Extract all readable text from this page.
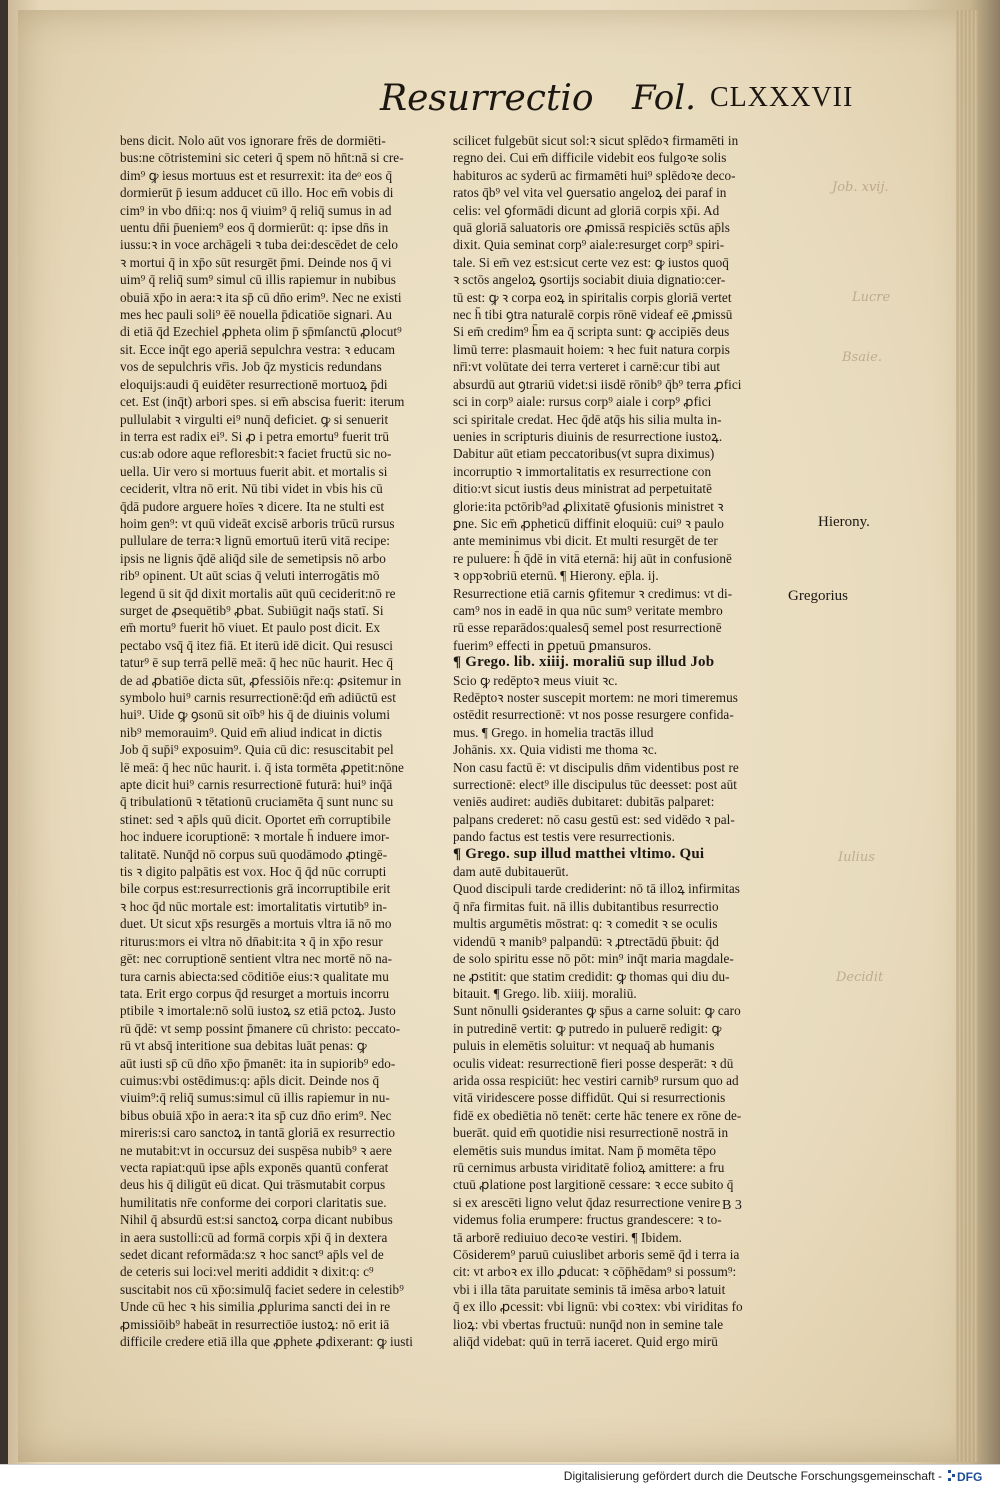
Job. xvij.
Lucre
Bsaie.
Iulius
Decidit
Resurrectio Fol. CLXXXVII

bens dicit. Nolo aūt vos ignorare frēs de dormiēti-

bus:ne cōtristemini sic ceteri q̄ spem nō hn̄t:nā si cre-

dim⁹ ꝙ iesus mortuus est et resurrexit: ita deᵒ eos q̄

dormierūt p̄ iesum adducet cū illo. Hoc em̄ vobis di

cim⁹ in vbo dn̄i:q: nos q̄ viuim⁹ q̄ reliq̄ sumus in ad

uentu dn̄i p̄ueniem⁹ eos q̄ dormierūt: q: ipse dn̄s in

iussu:ꝛ in voce archāgeli ꝛ tuba dei:descēdet de celo

ꝛ mortui q̄ in xp̄o sūt resurgēt p̄mi. Deinde nos q̄ vi

uim⁹ q̄ reliq̄ sum⁹ simul cū illis rapiemur in nubibus

obuiā xp̄o in aera:ꝛ ita sp̄ cū dn̄o erim⁹. Nec ne existi

mes hec pauli soli⁹ ēē nouella p̄dicatiōe signari. Au

di etiā q̄d Ezechiel ꝓpheta olim p̄ sp̄mſanctū ꝓlocut⁹

sit. Ecce inq̄t ego aperiā sepulchra vestra: ꝛ educam

vos de sepulchris vr̄is. Job q̄z mysticis redundans

eloquijs:audi q̄ euidēter resurrectionē mortuoꝝ p̄di

cet. Est (inq̄t) arbori spes. si em̄ abscisa fuerit: iterum

pullulabit ꝛ virgulti ei⁹ nunq̄ deficiet. ꝙ si senuerit

in terra est radix ei⁹. Si ꝓ i petra emortu⁹ fuerit trū

cus:ab odore aque refloresbit:ꝛ faciet fructū sic no-

uella. Uir vero si mortuus fuerit abit. et mortalis si

ceciderit, vltra nō erit. Nū tibi videt in vbis his cū

q̄dā pudore arguere hoīes ꝛ dicere. Ita ne stulti est

hoim gen⁹: vt quū videāt excisē arboris trūcū rursus

pullulare de terra:ꝛ lignū emortuū iterū vitā recipe:

ipsis ne lignis q̄dē aliq̄d sile de semetipsis nō arbo

rib⁹ opinent. Ut aūt scias q̄ veluti interrogātis mō

legend ū sit q̄d dixit mortalis aūt quū ceciderit:nō re

surget de ꝓsequētib⁹ ꝓbat. Subiūgit naq̄s statī. Si

em̄ mortu⁹ fuerit hō viuet. Et paulo post dicit. Ex

pectabo vsq̄ q̄ itez fiā. Et iterū idē dicit. Qui resusci

tatur⁹ ē sup terrā pellē meā: q̄ hec nūc haurit. Hec q̄

de ad ꝓbatiōe dicta sūt, ꝓfessiōis nr̄e:q: ꝓsitemur in

symbolo hui⁹ carnis resurrectionē:q̄d em̄ adiūctū est

hui⁹. Uide ꝙ ꝯsonū sit oīb⁹ his q̄ de diuinis volumi

nib⁹ memorauim⁹. Quid em̄ aliud indicat in dictis

Job q̄ sup̄i⁹ exposuim⁹. Quia cū dic: resuscitabit pel

lē meā: q̄ hec nūc haurit. i. q̄ ista tormēta ꝓpetit:nōne

apte dicit hui⁹ carnis resurrectionē futurā: hui⁹ inq̄ā

q̄ tribulationū ꝛ tētationū cruciamēta q̄ sunt nunc su

stinet: sed ꝛ ap̄ls quū dicit. Oportet em̄ corruptibile

hoc induere icoruptionē: ꝛ mortale h̄ induere imor-

talitatē. Nunq̄d nō corpus suū quodāmodo ꝓtingē-

tis ꝛ digito palpātis est vox. Hoc q̄ q̄d nūc corrupti

bile corpus est:resurrectionis grā incorruptibile erit

ꝛ hoc q̄d nūc mortale est: imortalitatis virtutib⁹ in-

duet. Ut sicut xp̄s resurgēs a mortuis vltra iā nō mo

riturus:mors ei vltra nō dn̄abit:ita ꝛ q̄ in xp̄o resur

gēt: nec corruptionē sentient vltra nec mortē nō na-

tura carnis abiecta:sed cōditiōe eius:ꝛ qualitate mu

tata. Erit ergo corpus q̄d resurget a mortuis incorru

ptibile ꝛ imortale:nō solū iustoꝝ sz etiā pctoꝝ. Justo

rū q̄dē: vt semp possint p̄manere cū christo: peccato-

rū vt absq̄ interitione sua debitas luāt penas: ꝙ

aūt iusti sp̄ cū dn̄o xp̄o p̄manēt: ita in supiorib⁹ edo-

cuimus:vbi ostēdimus:q: ap̄ls dicit. Deinde nos q̄

viuim⁹:q̄ reliq̄ sumus:simul cū illis rapiemur in nu-

bibus obuiā xp̄o in aera:ꝛ ita sp̄ cuz dn̄o erim⁹. Nec

mireris:si caro sanctoꝝ in tantā gloriā ex resurrectio

ne mutabit:vt in occursuz dei suspēsa nubib⁹ ꝛ aere

vecta rapiat:quū ipse ap̄ls exponēs quantū conferat

deus his q̄ diligūt eū dicat. Qui trāsmutabit corpus

humilitatis nr̄e conforme dei corpori claritatis sue.

Nihil q̄ absurdū est:si sanctoꝝ corpa dicant nubibus

in aera sustolli:cū ad formā corpis xp̄i q̄ in dextera

sedet dicant reformāda:sz ꝛ hoc sanct⁹ ap̄ls vel de

de ceteris sui loci:vel meriti addidit ꝛ dixit:q: c⁹

suscitabit nos cū xp̄o:simulq̄ faciet sedere in celestib⁹

Unde cū hec ꝛ his similia ꝓplurima sancti dei in re

ꝓmissiōib⁹ habeāt in resurrectiōe iustoꝝ: nō erit iā

difficile credere etiā illa que ꝓphete ꝓdixerant: ꝙ iusti

scilicet fulgebūt sicut sol:ꝛ sicut splēdoꝛ firmamēti in

regno dei. Cui em̄ difficile videbit eos fulgoꝛe solis

habituros ac syderū ac firmamēti hui⁹ splēdoꝛe deco-

ratos q̄b⁹ vel vita vel ꝯuersatio angeloꝝ dei paraf in

celis: vel ꝯformādi dicunt ad gloriā corpis xp̄i. Ad

quā gloriā saluatoris ore ꝓmissā respiciēs sctūs ap̄ls

dixit. Quia seminat corp⁹ aiale:resurget corp⁹ spiri-

tale. Si em̄ vez est:sicut certe vez est: ꝙ iustos quoq̄

ꝛ sctōs angeloꝝ ꝯsortijs sociabit diuia dignatio:cer-

tū est: ꝙ ꝛ corpa eoꝝ in spiritalis corpis gloriā vertet

nec h̄ tibi ꝯtra naturalē corpis rōnē videaf eē ꝓmissū

Si em̄ credim⁹ h̄m ea q̄ scripta sunt: ꝙ accipiēs deus

limū terre: plasmauit hoiem: ꝛ hec fuit natura corpis

nr̄i:vt volūtate dei terra verteret i carnē:cur tibi aut

absurdū aut ꝯtrariū videt:si iisdē rōnib⁹ q̄b⁹ terra ꝓfici

sci in corp⁹ aiale: rursus corp⁹ aiale i corp⁹ ꝓfici

sci spiritale credat. Hec q̄dē atq̄s his silia multa in-

uenies in scripturis diuinis de resurrectione iustoꝝ.

Dabitur aūt etiam peccatoribus(vt supra diximus)

incorruptio ꝛ immortalitatis ex resurrectione con

ditio:vt sicut iustis deus ministrat ad perpetuitatē

glorie:ita pctōrib⁹ad ꝓlixitatē ꝯfusionis ministret ꝛ

ꝑne. Sic em̄ ꝓpheticū diffinit eloquiū: cui⁹ ꝛ paulo

ante meminimus vbi dicit. Et multi resurgēt de ter

re puluere: h̄ q̄dē in vitā eternā: hij aūt in confusionē

ꝛ oppꝛobriū eternū. ¶ Hierony. ep̄la. ij.

Resurrectione etiā carnis ꝯfitemur ꝛ credimus: vt di-

cam⁹ nos in eadē in qua nūc sum⁹ veritate membro

rū esse reparādos:qualesq̄ semel post resurrectionē

fuerim⁹ effecti in ꝑpetuū ꝑmansuros.

¶ Grego. lib. xiiij. moraliū sup illud Job

Scio ꝙ redēptoꝛ meus viuit ꝛc.

Redēptoꝛ noster suscepit mortem: ne mori timeremus

ostēdit resurrectionē: vt nos posse resurgere confida-

mus. ¶ Grego. in homelia tractās illud

Johānis. xx. Quia vidisti me thoma ꝛc.

Non casu factū ē: vt discipulis dn̄m videntibus post re

surrectionē: elect⁹ ille discipulus tūc deesset: post aūt

veniēs audiret: audiēs dubitaret: dubitās palparet:

palpans crederet: nō casu gestū est: sed vidēdo ꝛ pal-

pando factus est testis vere resurrectionis.

¶ Grego. sup illud matthei vltimo. Qui

dam autē dubitauerūt.

Quod discipuli tarde crediderint: nō tā illoꝝ infirmitas

q̄ nr̄a firmitas fuit. nā illis dubitantibus resurrectio

multis argumētis mōstrat: q: ꝛ comedit ꝛ se oculis

videndū ꝛ manib⁹ palpandū: ꝛ ꝓtrectādū p̄buit: q̄d

de solo spiritu esse nō pōt: min⁹ inq̄t maria magdale-

ne ꝓstitit: que statim credidit: ꝙ thomas qui diu du-

bitauit. ¶ Grego. lib. xiiij. moraliū.

Sunt nōnulli ꝯsiderantes ꝙ sp̄us a carne soluit: ꝙ caro

in putredinē vertit: ꝙ putredo in puluerē redigit: ꝙ

puluis in elemētis soluitur: vt nequaq̄ ab humanis

oculis videat: resurrectionē fieri posse desperāt: ꝛ dū

arida ossa respiciūt: hec vestiri carnib⁹ rursum quo ad

vitā viridescere posse diffidūt. Qui si resurrectionis

fidē ex obediētia nō tenēt: certe hāc tenere ex rōne de-

buerāt. quid em̄ quotidie nisi resurrectionē nostrā in

elemētis suis mundus imitat. Nam p̄ momēta tēpo

rū cernimus arbusta viriditatē folioꝝ amittere: a fru

ctuū ꝓlatione post largitionē cessare: ꝛ ecce subito q̄

si ex arescēti ligno velut q̄daz resurrectione venire

videmus folia erumpere: fructus grandescere: ꝛ to-

tā arborē rediuiuo decoꝛe vestiri. ¶ Ibidem.

Cōsiderem⁹ paruū cuiuslibet arboris semē q̄d i terra ia

cit: vt arboꝛ ex illo ꝓducat: ꝛ cōp̄hēdam⁹ si possum⁹:

vbi i illa tāta paruitate seminis tā imēsa arboꝛ latuit

q̄ ex illo ꝓcessit: vbi lignū: vbi coꝛtex: vbi viriditas fo

lioꝝ: vbi vbertas fructuū: nunq̄d non in semine tale

aliq̄d videbat: quū in terrā iaceret. Quid ergo mirū

Hierony.
Gregorius
B 3
Digitalisierung gefördert durch die Deutsche Forschungsgemeinschaft - DFG
